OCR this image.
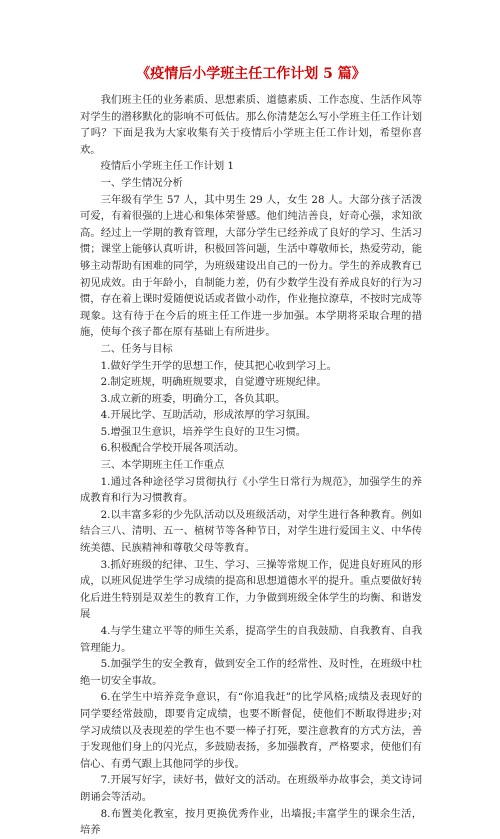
《疫情后小学班主任工作计划 5 篇》

我们班主任的业务素质、思想素质、道德素质、工作态度、生活作风等对学生的潜移默化的影响不可低估。那么你清楚怎么写小学班主任工作计划了吗？下面是我为大家收集有关于疫情后小学班主任工作计划，希望你喜欢。

疫情后小学班主任工作计划 1

一、学生情况分析

三年级有学生 57 人，其中男生 29 人，女生 28 人。大部分孩子活泼可爱，有着很强的上进心和集体荣誉感。他们纯洁善良，好奇心强，求知欲高。经过上一学期的教育管理，大部分学生已经养成了良好的学习、生活习惯；课堂上能够认真听讲，积极回答问题，生活中尊敬师长，热爱劳动，能够主动帮助有困难的同学，为班级建设出自己的一份力。学生的养成教育已初见成效。由于年龄小，自制能力差，仍有少数学生没有养成良好的行为习惯，存在着上课时爱随便说话或者做小动作，作业拖拉潦草，不按时完成等现象。这有待于在今后的班主任工作进一步加强。本学期将采取合理的措施，使每个孩子都在原有基础上有所进步。

二、任务与目标

1.做好学生开学的思想工作，使其把心收到学习上。

2.制定班规，明确班规要求，自觉遵守班规纪律。

3.成立新的班委，明确分工，各负其职。

4.开展比学、互助活动，形成浓厚的学习氛围。

5.增强卫生意识，培养学生良好的卫生习惯。

6.积极配合学校开展各项活动。

三、本学期班主任工作重点

1.通过各种途径学习贯彻执行《小学生日常行为规范》，加强学生的养成教育和行为习惯教育。

2.以丰富多彩的少先队活动以及班级活动，对学生进行各种教育。例如结合三八、清明、五一、植树节等各种节日，对学生进行爱国主义、中华传统美德、民族精神和尊敬父母等教育。

3.抓好班级的纪律、卫生、学习、三操等常规工作，促进良好班风的形成，以班风促进学生学习成绩的提高和思想道德水平的提升。重点要做好转化后进生特别是双差生的教育工作，力争做到班级全体学生的均衡、和谐发展

4.与学生建立平等的师生关系，提高学生的自我鼓励、自我教育、自我管理能力。

5.加强学生的安全教育，做到安全工作的经常性、及时性，在班级中杜绝一切安全事故。

6.在学生中培养竞争意识，有“你追我赶”的比学风格;成绩及表现好的同学要经常鼓励，即要肯定成绩，也要不断督促，使他们不断取得进步;对学习成绩以及表现差的学生也不要一棒子打死，要注意教育的方式方法，善于发现他们身上的闪光点，多鼓励表扬，多加强教育，严格要求，使他们有信心、有勇气跟上其他同学的步伐。

7.开展写好字，读好书，做好文的活动。在班级举办故事会，美文诗词朗诵会等活动。

8.布置美化教室，按月更换优秀作业，出墙报;丰富学生的课余生活，培养
